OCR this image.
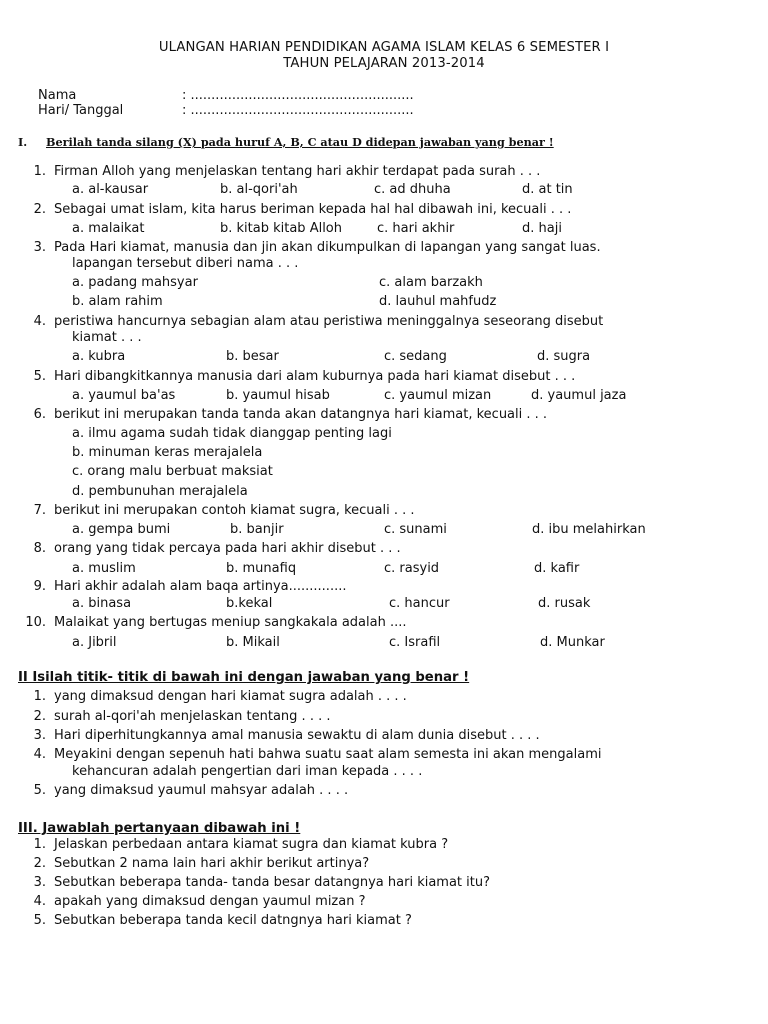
ULANGAN HARIAN PENDIDIKAN AGAMA ISLAM KELAS 6 SEMESTER I
TAHUN PELAJARAN 2013-2014
Nama	: ......................................................
Hari/ Tanggal	: ......................................................
I. Berilah tanda silang (X) pada huruf A, B, C atau D didepan jawaban yang benar !
1. Firman Alloh yang menjelaskan tentang hari akhir terdapat pada surah . . .
a. al-kausar	b. al-qori'ah	c. ad dhuha	d. at tin
2. Sebagai umat islam, kita harus beriman kepada hal hal dibawah ini, kecuali . . .
a. malaikat	b. kitab kitab Alloh	c. hari akhir	d. haji
3. Pada Hari kiamat, manusia dan jin akan dikumpulkan di lapangan yang sangat luas.
lapangan tersebut diberi nama . . .
a. padang mahsyar	c. alam barzakh
b. alam rahim	d. lauhul mahfudz
4. peristiwa hancurnya sebagian alam atau peristiwa meninggalnya seseorang disebut
kiamat . . .
a. kubra	b. besar	c. sedang	d. sugra
5. Hari dibangkitkannya manusia dari alam kuburnya pada hari kiamat disebut . . .
a. yaumul ba'as	b. yaumul hisab	c. yaumul mizan	d. yaumul jaza
6. berikut ini merupakan tanda tanda akan datangnya hari kiamat, kecuali . . .
a. ilmu agama sudah tidak dianggap penting lagi
b. minuman keras merajalela
c. orang malu berbuat maksiat
d. pembunuhan merajalela
7. berikut ini merupakan contoh kiamat sugra, kecuali . . .
a. gempa bumi	b. banjir	c. sunami	d. ibu melahirkan
8. orang yang tidak percaya pada hari akhir disebut . . .
a. muslim	b. munafiq	c. rasyid	d. kafir
9. Hari akhir adalah alam baqa artinya..............
a. binasa	b.kekal	c. hancur	d. rusak
10. Malaikat yang bertugas meniup sangkakala adalah ....
a. Jibril	b. Mikail	c. Israfil	d. Munkar
II Isilah titik- titik di bawah ini dengan jawaban yang benar !
1. yang dimaksud dengan hari kiamat sugra adalah . . . .
2. surah al-qori'ah menjelaskan tentang . . . .
3. Hari diperhitungkannya amal manusia sewaktu di alam dunia disebut . . . .
4. Meyakini dengan sepenuh hati bahwa suatu saat alam semesta ini akan mengalami
kehancuran adalah pengertian dari iman kepada . . . .
5. yang dimaksud yaumul mahsyar adalah . . . .
III. Jawablah pertanyaan dibawah ini !
1. Jelaskan perbedaan antara kiamat sugra dan kiamat kubra ?
2. Sebutkan 2 nama lain hari akhir berikut artinya?
3. Sebutkan beberapa tanda- tanda besar datangnya hari kiamat itu?
4. apakah yang dimaksud dengan yaumul mizan ?
5. Sebutkan beberapa tanda kecil datngnya hari kiamat ?
